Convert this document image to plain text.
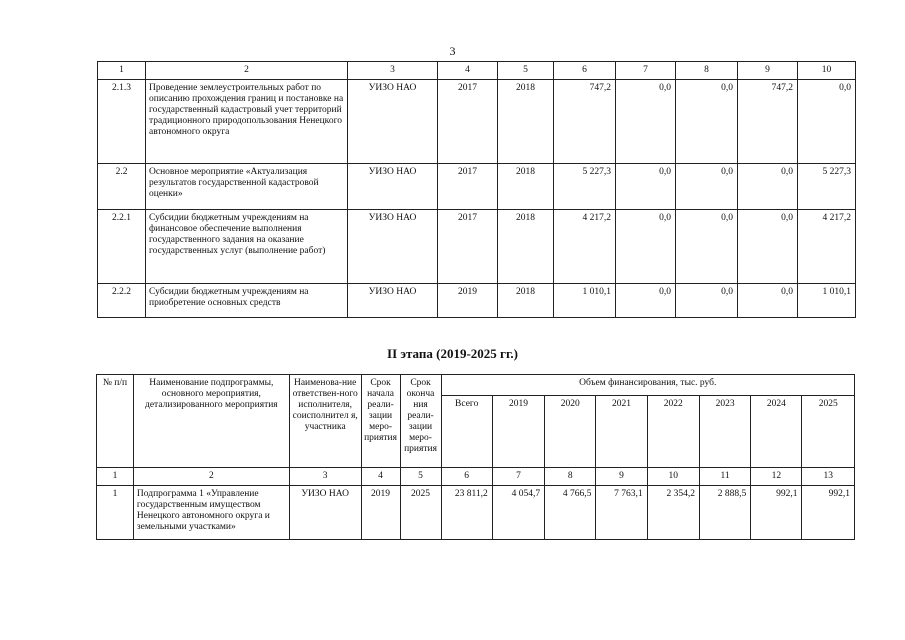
3
1	2	3	4	5	6	7	8	9	10
2.1.3	Проведение землеустроительных работ по описанию прохождения границ и постановке на государственный кадастровый учет территорий традиционного природопользования Ненецкого автономного округа	УИЗО НАО	2017	2018	747,2	0,0	0,0	747,2	0,0
2.2	Основное мероприятие «Актуализация результатов государственной кадастровой оценки»	УИЗО НАО	2017	2018	5 227,3	0,0	0,0	0,0	5 227,3
2.2.1	Субсидии бюджетным учреждениям на финансовое обеспечение выполнения государственного задания на оказание государственных услуг (выполнение работ)	УИЗО НАО	2017	2018	4 217,2	0,0	0,0	0,0	4 217,2
2.2.2	Субсидии бюджетным учреждениям на приобретение основных средств	УИЗО НАО	2019	2018	1 010,1	0,0	0,0	0,0	1 010,1
II этапа (2019-2025 гг.)
№ п/п	Наименование подпрограммы, основного мероприятия, детализированного мероприятия	Наименова-ние ответствен-ного исполнителя, соисполнител я, участника	Срок начала реали-зации меро-приятия	Срок оконча ния реали-зации меро-приятия	Объем финансирования, тыс. руб.							
					Всего	2019	2020	2021	2022	2023	2024	2025
1	2	3	4	5	6	7	8	9	10	11	12	13
1	Подпрограмма 1 «Управление государственным имуществом Ненецкого автономного округа и земельными участками»	УИЗО НАО	2019	2025	23 811,2	4 054,7	4 766,5	7 763,1	2 354,2	2 888,5	992,1	992,1
